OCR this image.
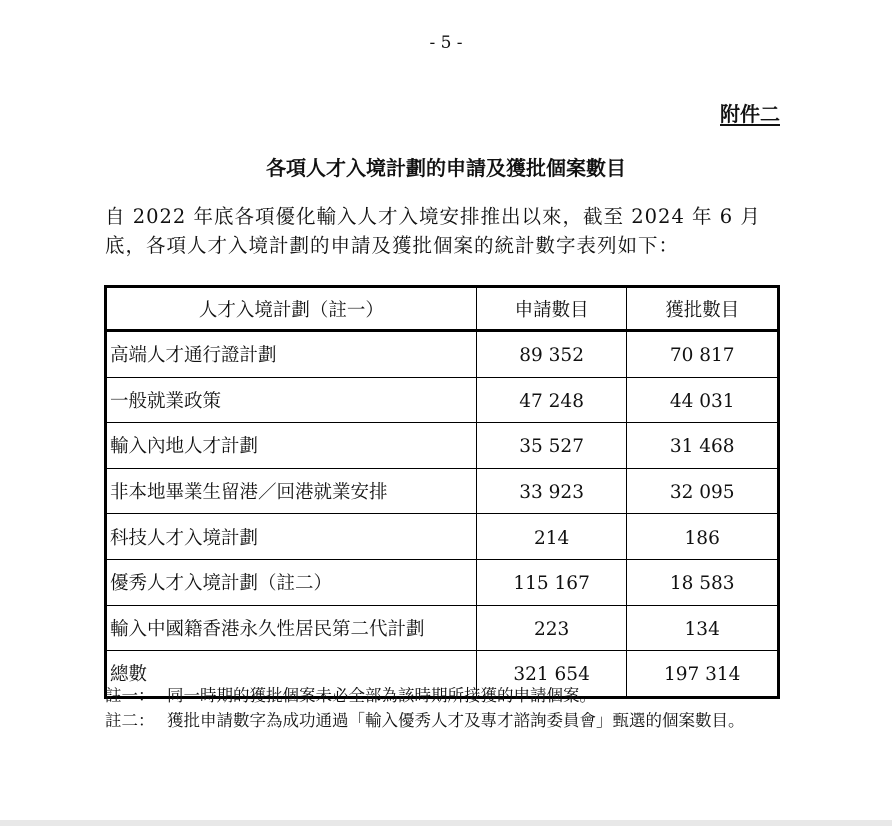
- 5 -
附件二
各項人才入境計劃的申請及獲批個案數目

自 2022 年底各項優化輸入人才入境安排推出以來，截至 2024 年 6 月

底，各項人才入境計劃的申請及獲批個案的統計數字表列如下：

人才入境計劃（註一）	申請數目	獲批數目
高端人才通行證計劃	89 352	70 817
一般就業政策	47 248	44 031
輸入內地人才計劃	35 527	31 468
非本地畢業生留港／回港就業安排	33 923	32 095
科技人才入境計劃	214	186
優秀人才入境計劃（註二）	115 167	18 583
輸入中國籍香港永久性居民第二代計劃	223	134
總數	321 654	197 314
註一： 同一時期的獲批個案未必全部為該時期所接獲的申請個案。
註二： 獲批申請數字為成功通過「輸入優秀人才及專才諮詢委員會」甄選的個案數目。
